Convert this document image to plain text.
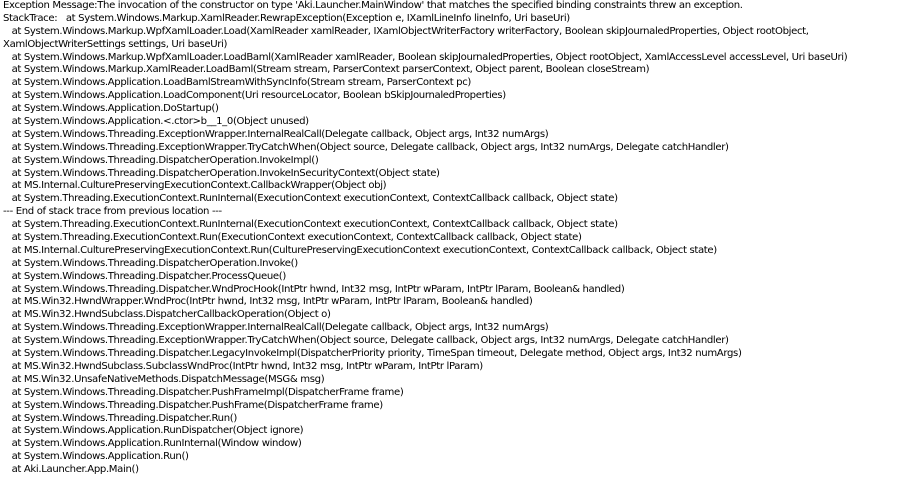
Exception Message:The invocation of the constructor on type 'Aki.Launcher.MainWindow' that matches the specified binding constraints threw an exception.
StackTrace:   at System.Windows.Markup.XamlReader.RewrapException(Exception e, IXamlLineInfo lineInfo, Uri baseUri)
at System.Windows.Markup.WpfXamlLoader.Load(XamlReader xamlReader, IXamlObjectWriterFactory writerFactory, Boolean skipJournaledProperties, Object rootObject,
XamlObjectWriterSettings settings, Uri baseUri)
at System.Windows.Markup.WpfXamlLoader.LoadBaml(XamlReader xamlReader, Boolean skipJournaledProperties, Object rootObject, XamlAccessLevel accessLevel, Uri baseUri)
at System.Windows.Markup.XamlReader.LoadBaml(Stream stream, ParserContext parserContext, Object parent, Boolean closeStream)
at System.Windows.Application.LoadBamlStreamWithSyncInfo(Stream stream, ParserContext pc)
at System.Windows.Application.LoadComponent(Uri resourceLocator, Boolean bSkipJournaledProperties)
at System.Windows.Application.DoStartup()
at System.Windows.Application.<.ctor>b__1_0(Object unused)
at System.Windows.Threading.ExceptionWrapper.InternalRealCall(Delegate callback, Object args, Int32 numArgs)
at System.Windows.Threading.ExceptionWrapper.TryCatchWhen(Object source, Delegate callback, Object args, Int32 numArgs, Delegate catchHandler)
at System.Windows.Threading.DispatcherOperation.InvokeImpl()
at System.Windows.Threading.DispatcherOperation.InvokeInSecurityContext(Object state)
at MS.Internal.CulturePreservingExecutionContext.CallbackWrapper(Object obj)
at System.Threading.ExecutionContext.RunInternal(ExecutionContext executionContext, ContextCallback callback, Object state)
--- End of stack trace from previous location ---
at System.Threading.ExecutionContext.RunInternal(ExecutionContext executionContext, ContextCallback callback, Object state)
at System.Threading.ExecutionContext.Run(ExecutionContext executionContext, ContextCallback callback, Object state)
at MS.Internal.CulturePreservingExecutionContext.Run(CulturePreservingExecutionContext executionContext, ContextCallback callback, Object state)
at System.Windows.Threading.DispatcherOperation.Invoke()
at System.Windows.Threading.Dispatcher.ProcessQueue()
at System.Windows.Threading.Dispatcher.WndProcHook(IntPtr hwnd, Int32 msg, IntPtr wParam, IntPtr lParam, Boolean& handled)
at MS.Win32.HwndWrapper.WndProc(IntPtr hwnd, Int32 msg, IntPtr wParam, IntPtr lParam, Boolean& handled)
at MS.Win32.HwndSubclass.DispatcherCallbackOperation(Object o)
at System.Windows.Threading.ExceptionWrapper.InternalRealCall(Delegate callback, Object args, Int32 numArgs)
at System.Windows.Threading.ExceptionWrapper.TryCatchWhen(Object source, Delegate callback, Object args, Int32 numArgs, Delegate catchHandler)
at System.Windows.Threading.Dispatcher.LegacyInvokeImpl(DispatcherPriority priority, TimeSpan timeout, Delegate method, Object args, Int32 numArgs)
at MS.Win32.HwndSubclass.SubclassWndProc(IntPtr hwnd, Int32 msg, IntPtr wParam, IntPtr lParam)
at MS.Win32.UnsafeNativeMethods.DispatchMessage(MSG& msg)
at System.Windows.Threading.Dispatcher.PushFrameImpl(DispatcherFrame frame)
at System.Windows.Threading.Dispatcher.PushFrame(DispatcherFrame frame)
at System.Windows.Threading.Dispatcher.Run()
at System.Windows.Application.RunDispatcher(Object ignore)
at System.Windows.Application.RunInternal(Window window)
at System.Windows.Application.Run()
at Aki.Launcher.App.Main()
